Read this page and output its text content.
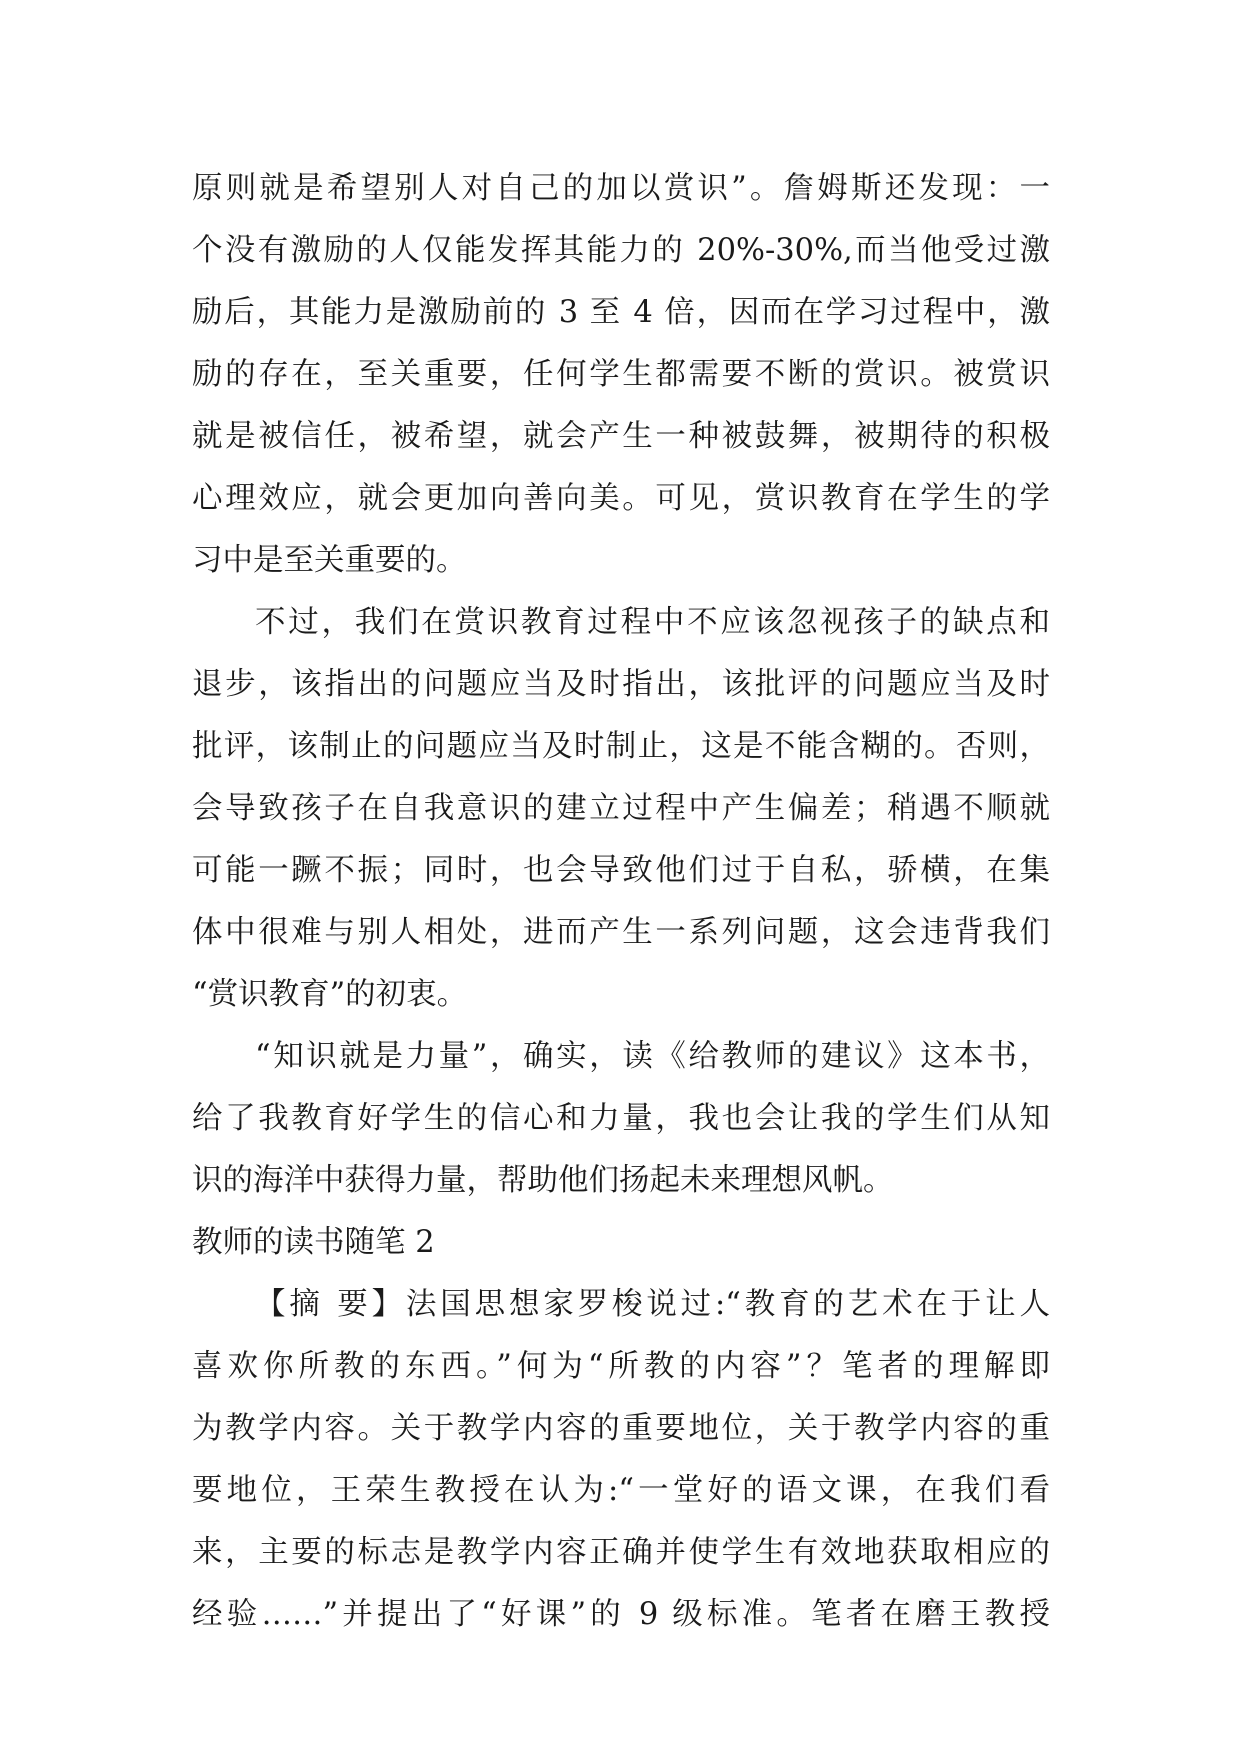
原则就是希望别人对自己的加以赏识”。詹姆斯还发现：一
个没有激励的人仅能发挥其能力的 20%-30%,而当他受过激
励后，其能力是激励前的 3 至 4 倍，因而在学习过程中，激
励的存在，至关重要，任何学生都需要不断的赏识。被赏识
就是被信任，被希望，就会产生一种被鼓舞，被期待的积极
心理效应，就会更加向善向美。可见，赏识教育在学生的学
习中是至关重要的。
不过，我们在赏识教育过程中不应该忽视孩子的缺点和
退步，该指出的问题应当及时指出，该批评的问题应当及时
批评，该制止的问题应当及时制止，这是不能含糊的。否则，
会导致孩子在自我意识的建立过程中产生偏差；稍遇不顺就
可能一蹶不振；同时，也会导致他们过于自私，骄横，在集
体中很难与别人相处，进而产生一系列问题，这会违背我们
“赏识教育”的初衷。
“知识就是力量”，确实，读《给教师的建议》这本书，
给了我教育好学生的信心和力量，我也会让我的学生们从知
识的海洋中获得力量，帮助他们扬起未来理想风帆。
教师的读书随笔 2
【摘 要】法国思想家罗梭说过:“教育的艺术在于让人
喜欢你所教的东西。”何为“所教的内容”？笔者的理解即
为教学内容。关于教学内容的重要地位，关于教学内容的重
要地位，王荣生教授在认为:“一堂好的语文课，在我们看
来，主要的标志是教学内容正确并使学生有效地获取相应的
经验……”并提出了“好课”的 9 级标准。笔者在磨王教授
